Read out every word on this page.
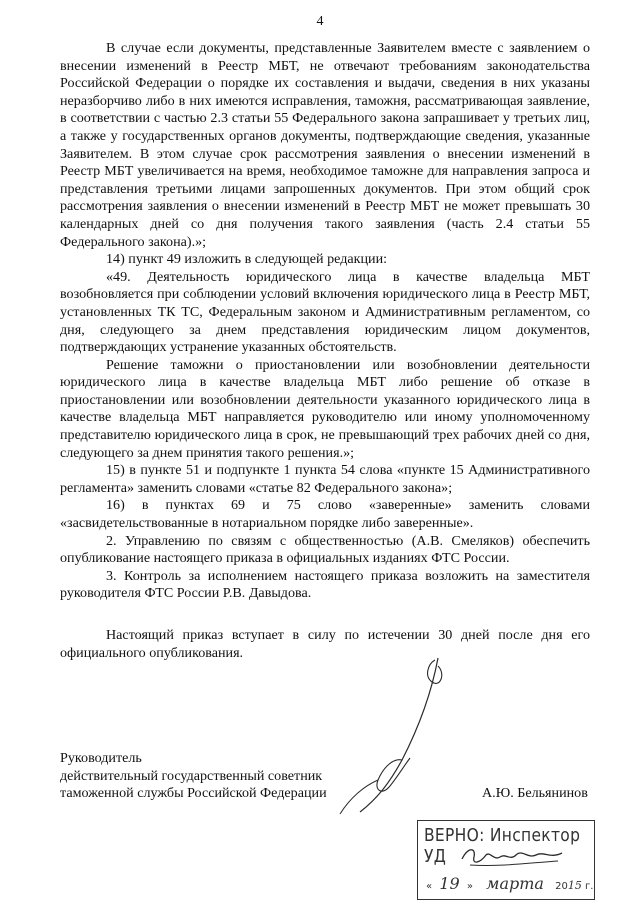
4

В случае если документы, представленные Заявителем вместе с заявлением о внесении изменений в Реестр МБТ, не отвечают требованиям законодательства Российской Федерации о порядке их составления и выдачи, сведения в них указаны неразборчиво либо в них имеются исправления, таможня, рассматривающая заявление, в соответствии с частью 2.3 статьи 55 Федерального закона запрашивает у третьих лиц, а также у государственных органов документы, подтверждающие сведения, указанные Заявителем. В этом случае срок рассмотрения заявления о внесении изменений в Реестр МБТ увеличивается на время, необходимое таможне для направления запроса и представления третьими лицами запрошенных документов. При этом общий срок рассмотрения заявления о внесении изменений в Реестр МБТ не может превышать 30 календарных дней со дня получения такого заявления (часть 2.4 статьи 55 Федерального закона).»;

14) пункт 49 изложить в следующей редакции:

«49. Деятельность юридического лица в качестве владельца МБТ возобновляется при соблюдении условий включения юридического лица в Реестр МБТ, установленных ТК ТС, Федеральным законом и Административным регламентом, со дня, следующего за днем представления юридическим лицом документов, подтверждающих устранение указанных обстоятельств.

Решение таможни о приостановлении или возобновлении деятельности юридического лица в качестве владельца МБТ либо решение об отказе в приостановлении или возобновлении деятельности указанного юридического лица в качестве владельца МБТ направляется руководителю или иному уполномоченному представителю юридического лица в срок, не превышающий трех рабочих дней со дня, следующего за днем принятия такого решения.»;

15) в пункте 51 и подпункте 1 пункта 54 слова «пункте 15 Административного регламента» заменить словами «статье 82 Федерального закона»;

16) в пунктах 69 и 75 слово «заверенные» заменить словами «засвидетельствованные в нотариальном порядке либо заверенные».

2. Управлению по связям с общественностью (А.В. Смеляков) обеспечить опубликование настоящего приказа в официальных изданиях ФТС России.

3. Контроль за исполнением настоящего приказа возложить на заместителя руководителя ФТС России Р.В. Давыдова.

Настоящий приказ вступает в силу по истечении 30 дней после дня его официального опубликования.

Руководитель
действительный государственный советник
таможенной службы Российской Федерации	А.Ю. Бельянинов
ВЕРНО: Инспектор УД
« 19 » марта 2015 г.
